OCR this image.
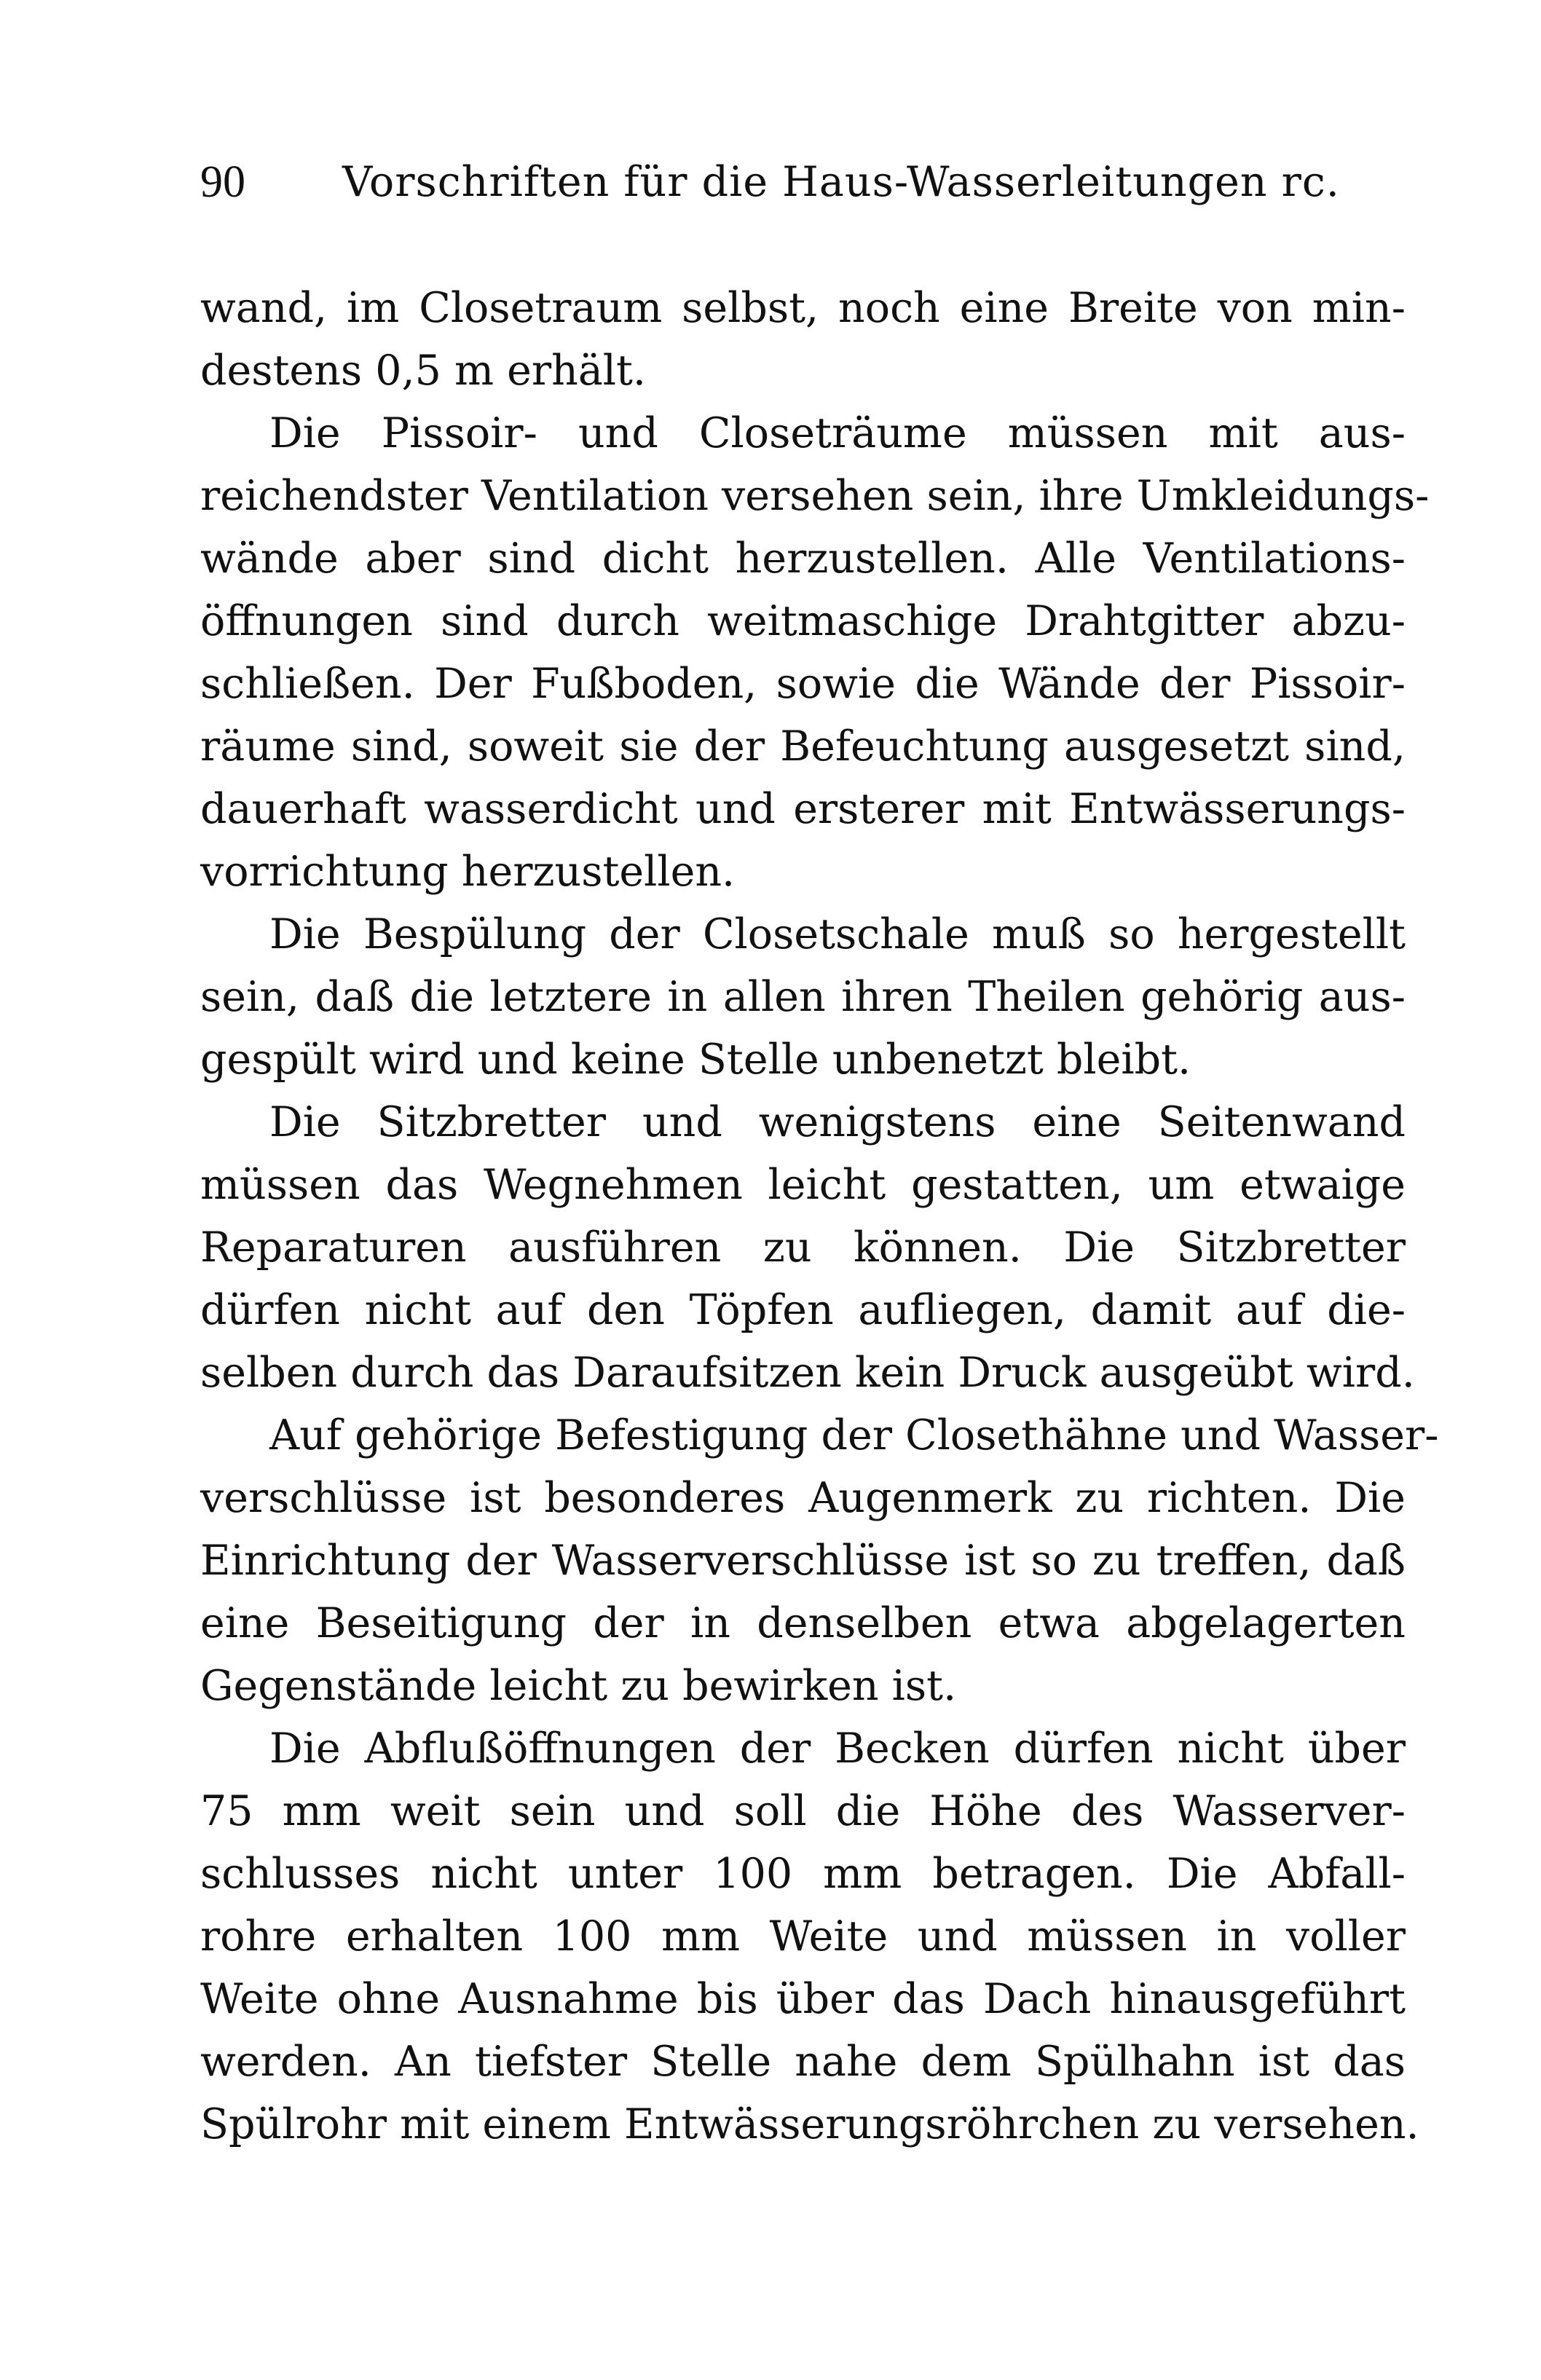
90 Vorschriften für die Haus-Wasserleitungen rc.
wand, im Closetraum selbst, noch eine Breite von min-
destens 0,5 m erhält.
Die Pissoir- und Closeträume müssen mit aus-
reichendster Ventilation versehen sein, ihre Umkleidungs-
wände aber sind dicht herzustellen. Alle Ventilations-
öffnungen sind durch weitmaschige Drahtgitter abzu-
schließen. Der Fußboden, sowie die Wände der Pissoir-
räume sind, soweit sie der Befeuchtung ausgesetzt sind,
dauerhaft wasserdicht und ersterer mit Entwässerungs-
vorrichtung herzustellen.
Die Bespülung der Closetschale muß so hergestellt
sein, daß die letztere in allen ihren Theilen gehörig aus-
gespült wird und keine Stelle unbenetzt bleibt.
Die Sitzbretter und wenigstens eine Seitenwand
müssen das Wegnehmen leicht gestatten, um etwaige
Reparaturen ausführen zu können. Die Sitzbretter
dürfen nicht auf den Töpfen aufliegen, damit auf die-
selben durch das Daraufsitzen kein Druck ausgeübt wird.
Auf gehörige Befestigung der Closethähne und Wasser-
verschlüsse ist besonderes Augenmerk zu richten. Die
Einrichtung der Wasserverschlüsse ist so zu treffen, daß
eine Beseitigung der in denselben etwa abgelagerten
Gegenstände leicht zu bewirken ist.
Die Abflußöffnungen der Becken dürfen nicht über
75 mm weit sein und soll die Höhe des Wasserver-
schlusses nicht unter 100 mm betragen. Die Abfall-
rohre erhalten 100 mm Weite und müssen in voller
Weite ohne Ausnahme bis über das Dach hinausgeführt
werden. An tiefster Stelle nahe dem Spülhahn ist das
Spülrohr mit einem Entwässerungsröhrchen zu versehen.
